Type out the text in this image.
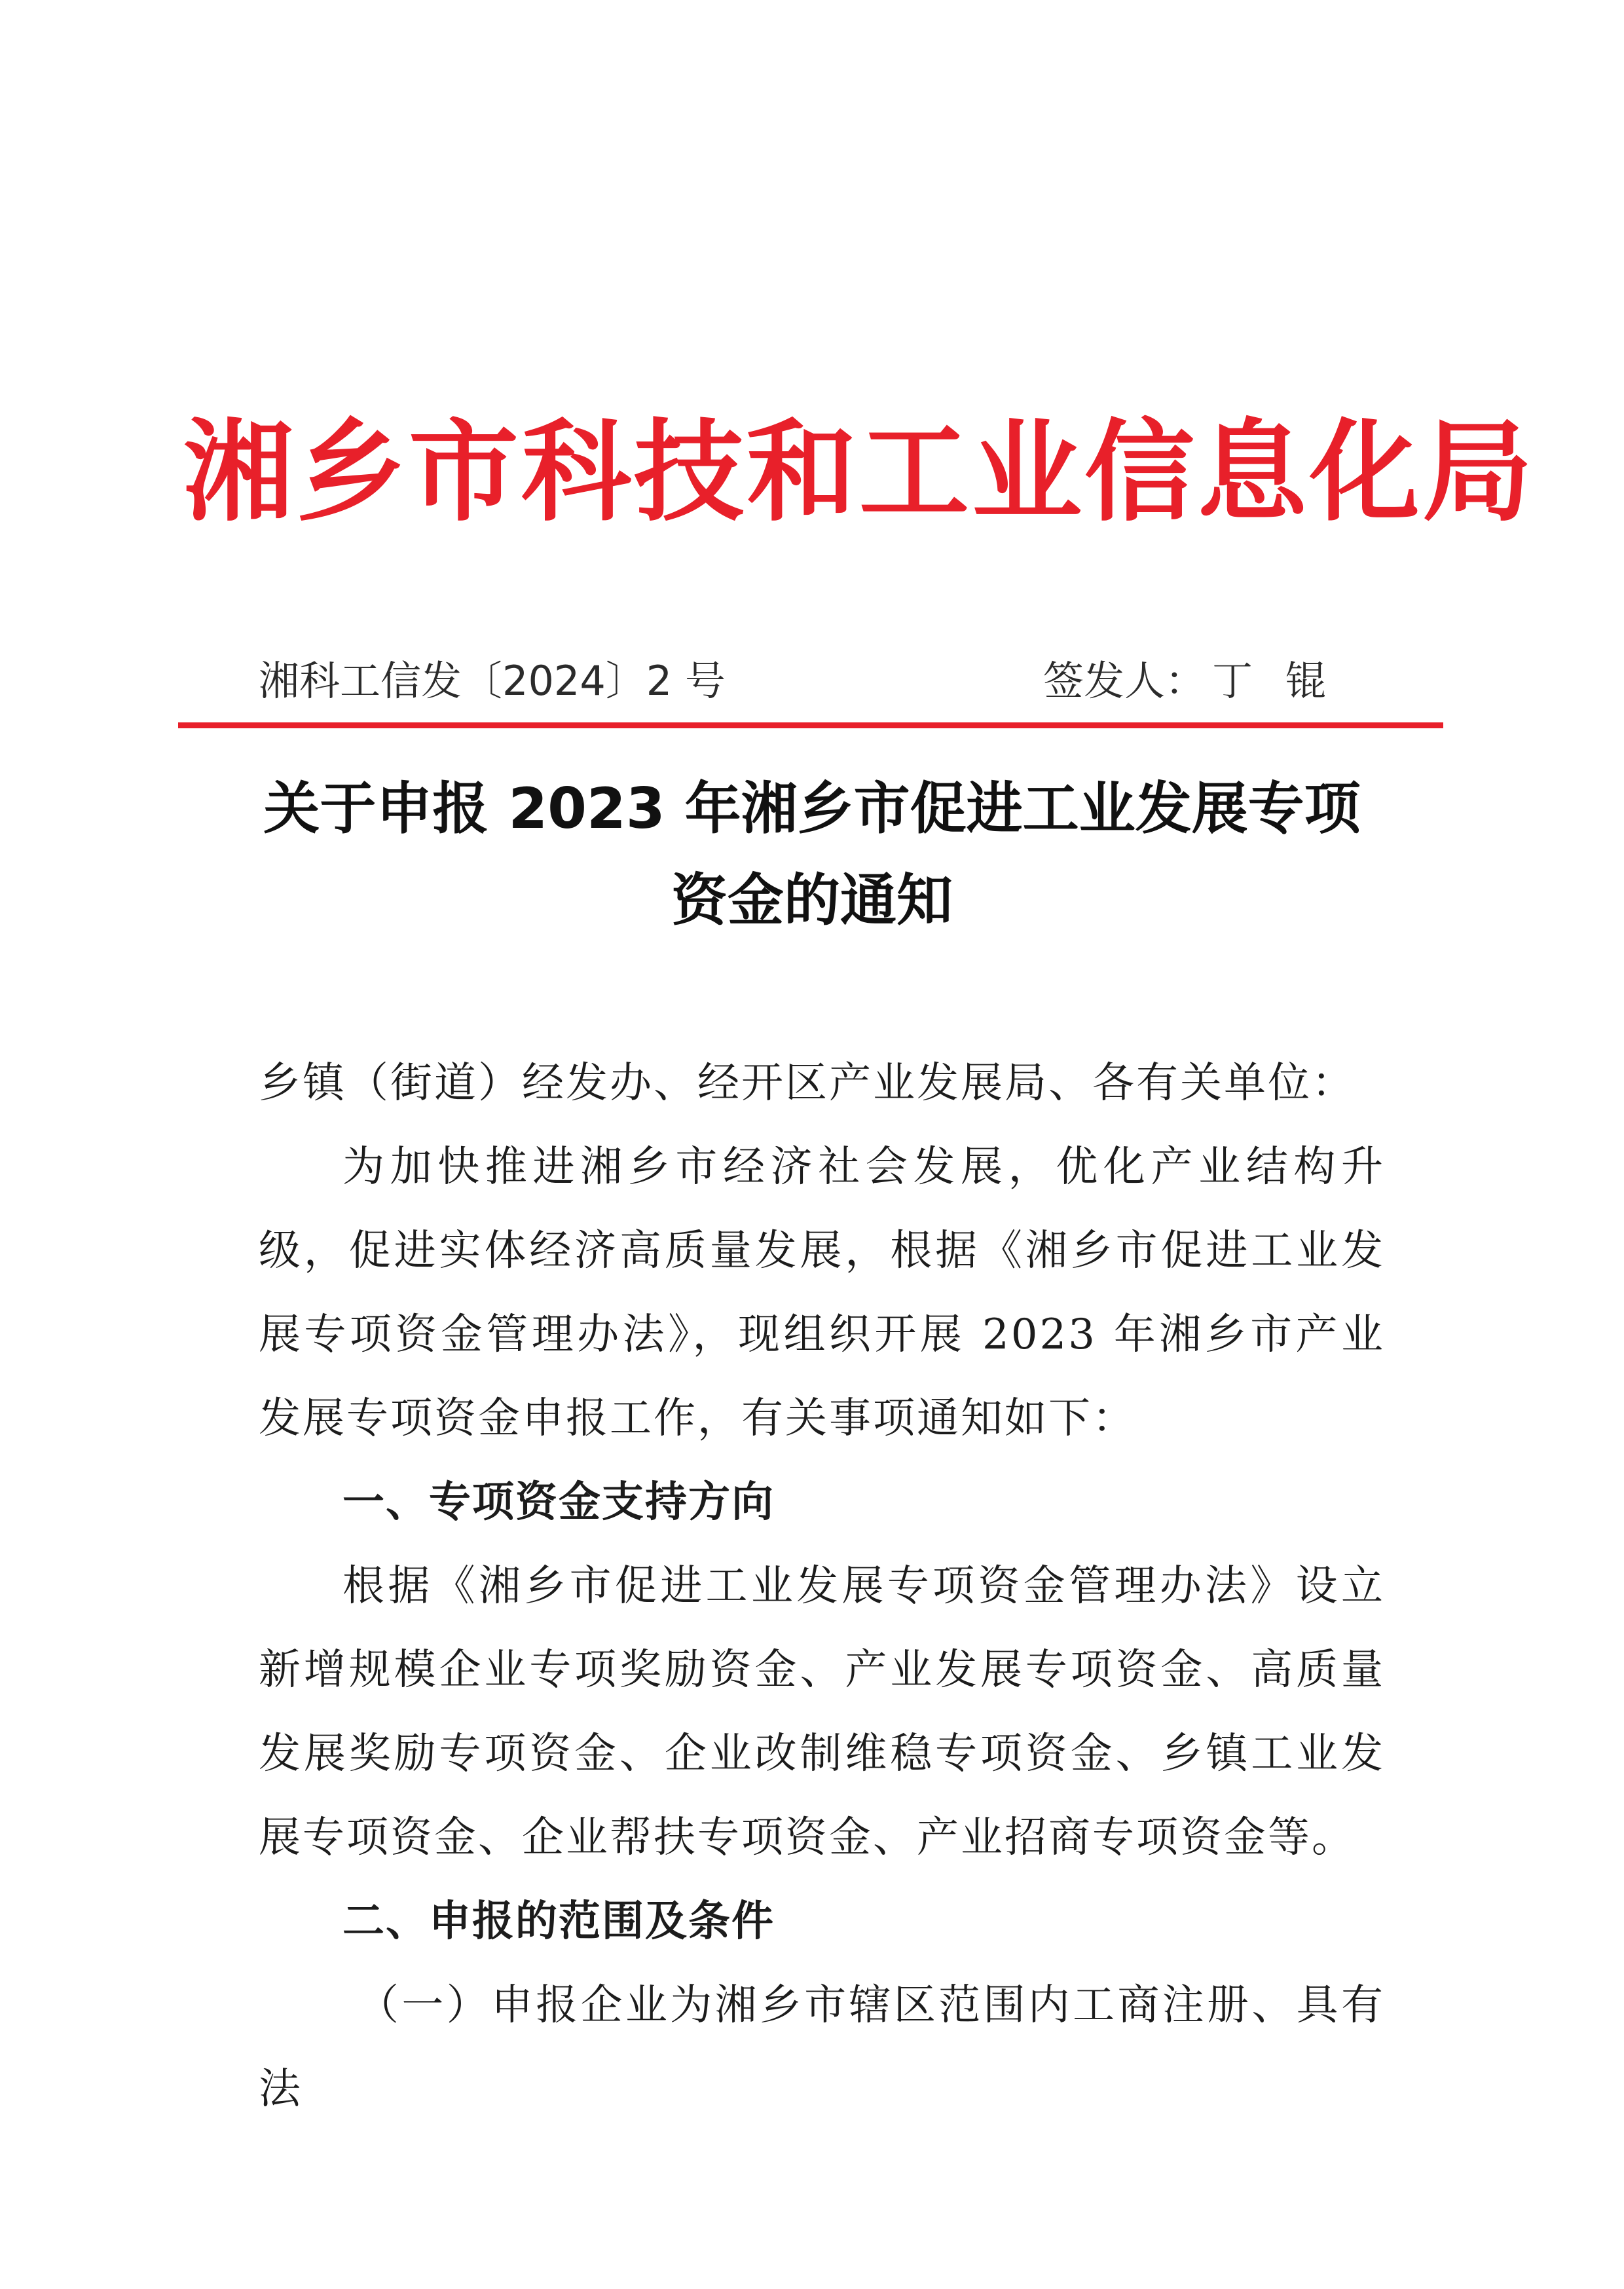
湘乡市科技和工业信息化局
湘科工信发〔2024〕2 号	签发人： 丁锟
关于申报 2023 年湘乡市促进工业发展专项
资金的通知

乡镇（街道）经发办、经开区产业发展局、各有关单位：

为加快推进湘乡市经济社会发展，优化产业结构升级，促进实体经济高质量发展，根据《湘乡市促进工业发展专项资金管理办法》，现组织开展 2023 年湘乡市产业发展专项资金申报工作，有关事项通知如下：

一、专项资金支持方向

根据《湘乡市促进工业发展专项资金管理办法》设立新增规模企业专项奖励资金、产业发展专项资金、高质量发展奖励专项资金、企业改制维稳专项资金、乡镇工业发展专项资金、企业帮扶专项资金、产业招商专项资金等。

二、申报的范围及条件

（一）申报企业为湘乡市辖区范围内工商注册、具有法
